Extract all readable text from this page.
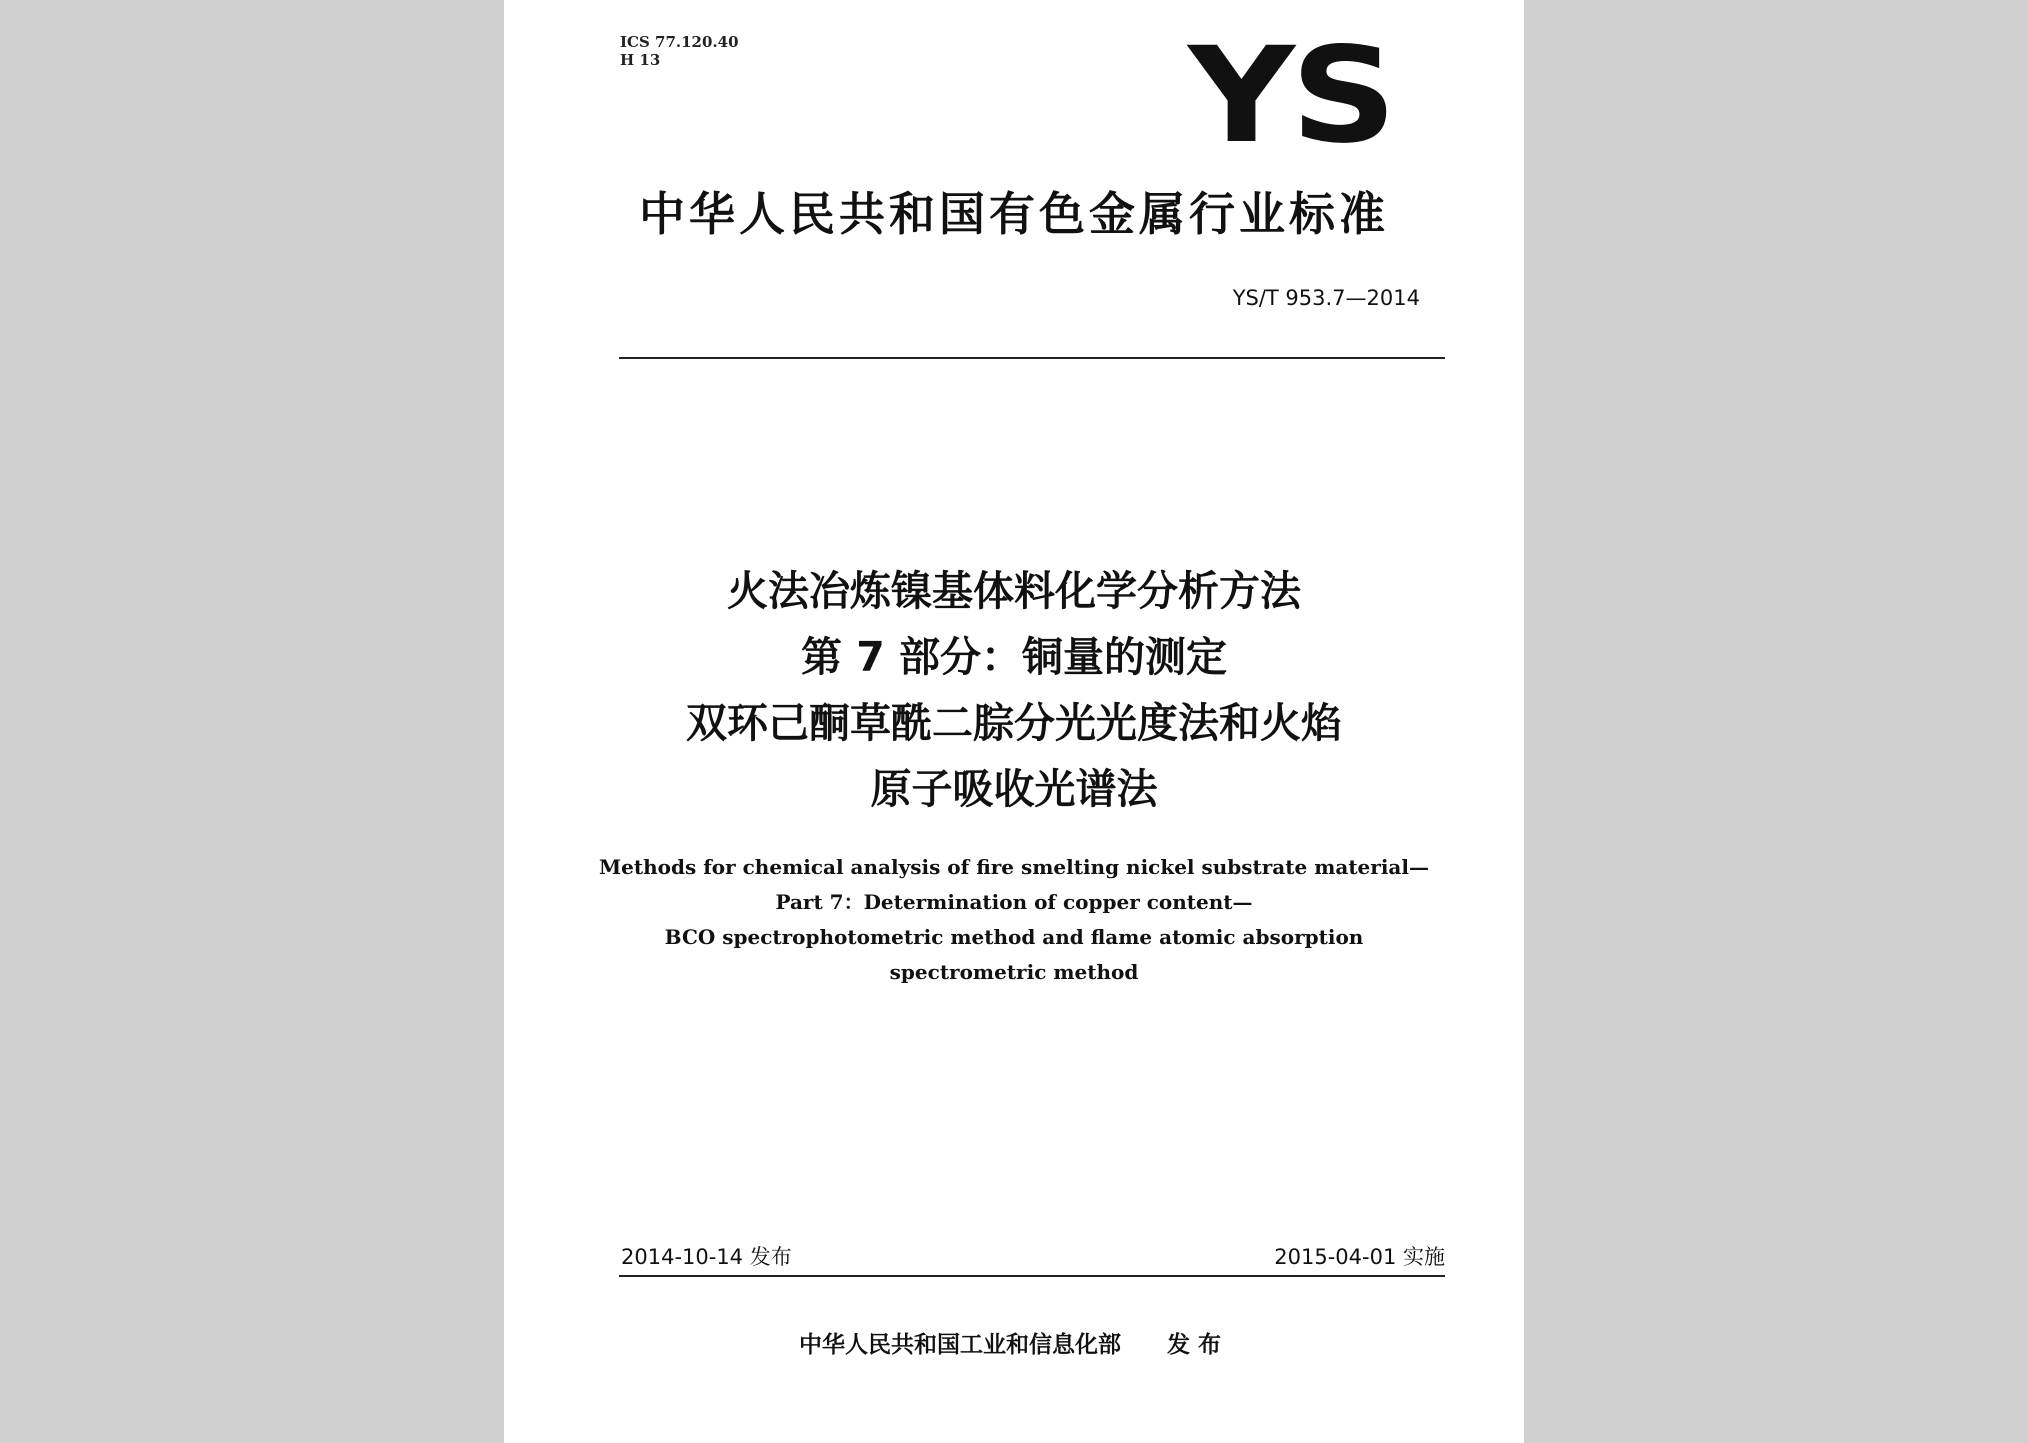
ICS 77.120.40
H 13	YS
中华人民共和国有色金属行业标准
YS/T 953.7—2014
火法冶炼镍基体料化学分析方法
第 7 部分：铜量的测定
双环己酮草酰二腙分光光度法和火焰
原子吸收光谱法
Methods for chemical analysis of fire smelting nickel substrate material—
Part 7：Determination of copper content—
BCO spectrophotometric method and flame atomic absorption
spectrometric method
2014-10-14 发布	2015-04-01 实施
中华人民共和国工业和信息化部 发布
